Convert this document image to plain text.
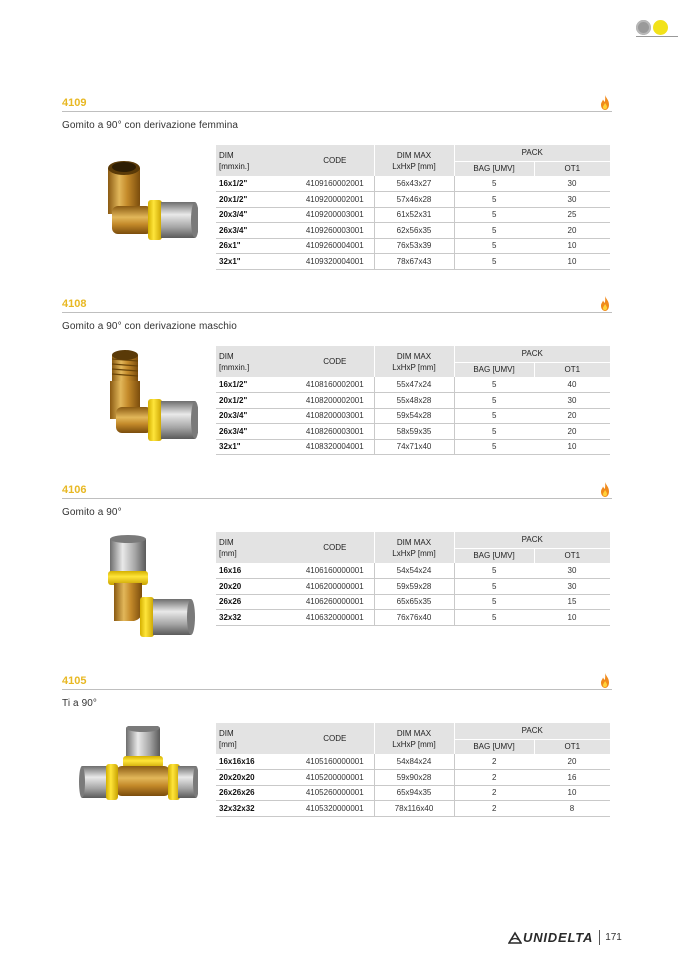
4109
Gomito a 90° con derivazione femmina
DIM
[mmxin.]	CODE	DIM MAX
LxHxP [mm]	PACK	
			BAG [UMV]	OT1
16x1/2"	4109160002001	56x43x27	5	30
20x1/2"	4109200002001	57x46x28	5	30
20x3/4"	4109200003001	61x52x31	5	25
26x3/4"	4109260003001	62x56x35	5	20
26x1"	4109260004001	76x53x39	5	10
32x1"	4109320004001	78x67x43	5	10
4108
Gomito a 90° con derivazione maschio
DIM
[mmxin.]	CODE	DIM MAX
LxHxP [mm]	PACK	
			BAG [UMV]	OT1
16x1/2"	4108160002001	55x47x24	5	40
20x1/2"	4108200002001	55x48x28	5	30
20x3/4"	4108200003001	59x54x28	5	20
26x3/4"	4108260003001	58x59x35	5	20
32x1"	4108320004001	74x71x40	5	10
4106
Gomito a 90°
DIM
[mm]	CODE	DIM MAX
LxHxP [mm]	PACK	
			BAG [UMV]	OT1
16x16	4106160000001	54x54x24	5	30
20x20	4106200000001	59x59x28	5	30
26x26	4106260000001	65x65x35	5	15
32x32	4106320000001	76x76x40	5	10
4105
Ti a 90°
DIM
[mm]	CODE	DIM MAX
LxHxP [mm]	PACK	
			BAG [UMV]	OT1
16x16x16	4105160000001	54x84x24	2	20
20x20x20	4105200000001	59x90x28	2	16
26x26x26	4105260000001	65x94x35	2	10
32x32x32	4105320000001	78x116x40	2	8
UNIDELTA 171
